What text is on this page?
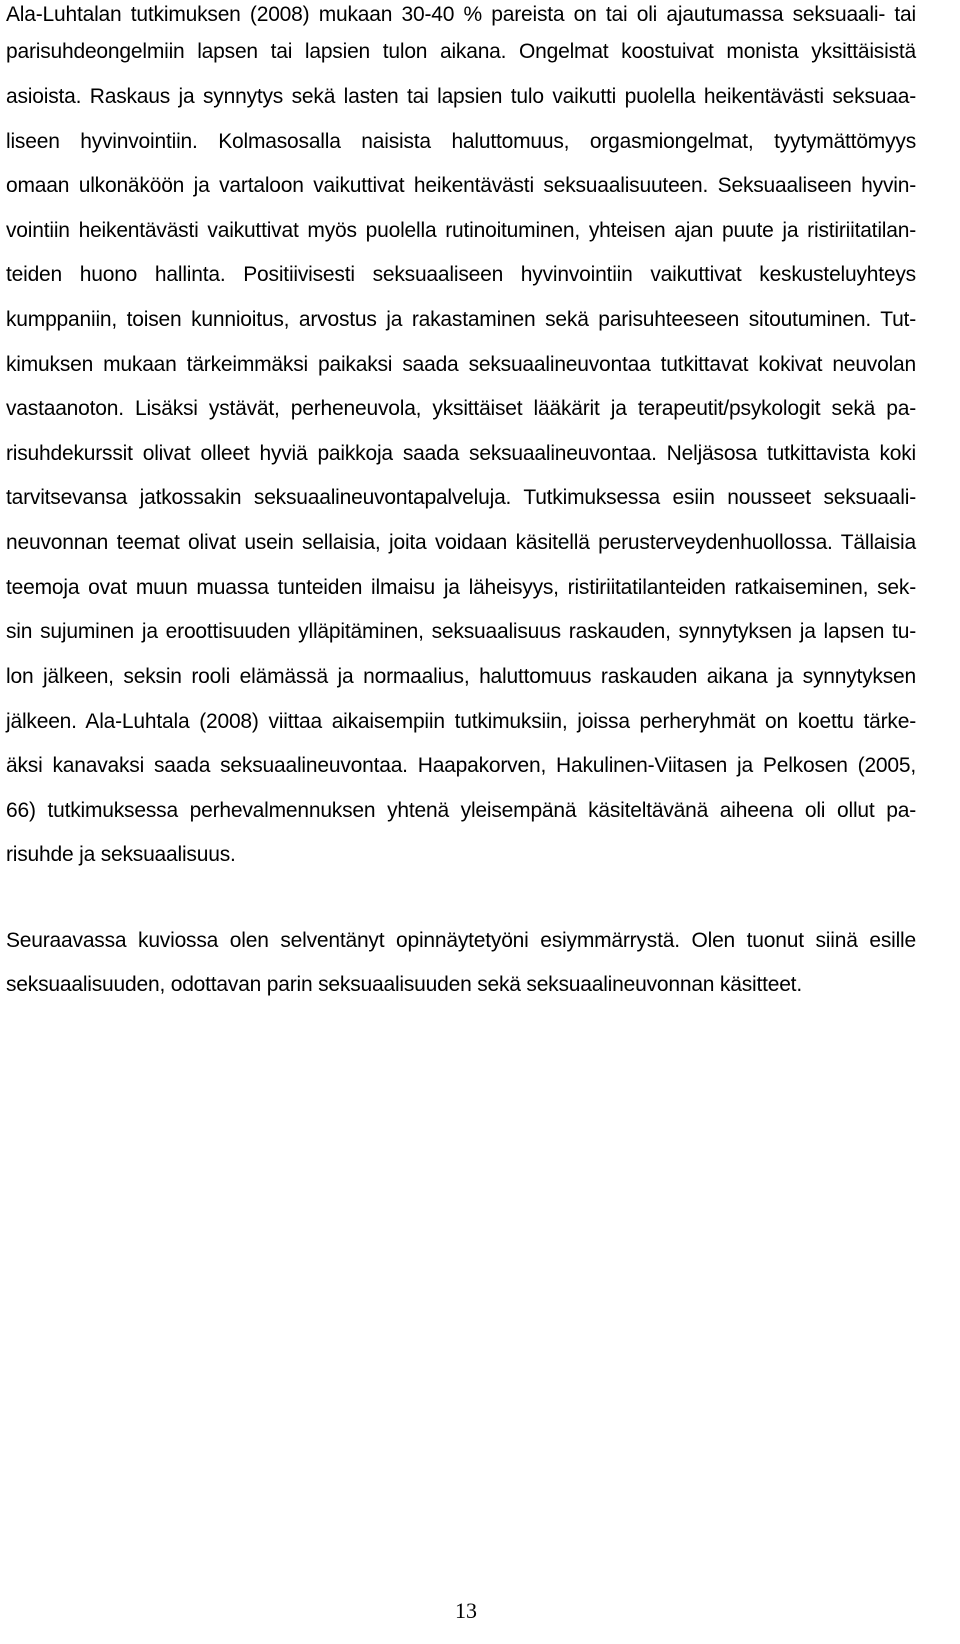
Ala-Luhtalan tutkimuksen (2008) mukaan 30-40 % pareista on tai oli ajautumassa seksuaali- tai
parisuhdeongelmiin lapsen tai lapsien tulon aikana. Ongelmat koostuivat monista yksittäisistä
asioista. Raskaus ja synnytys sekä lasten tai lapsien tulo vaikutti puolella heikentävästi seksuaa-
liseen hyvinvointiin. Kolmasosalla naisista haluttomuus, orgasmiongelmat, tyytymättömyys
omaan ulkonäköön ja vartaloon vaikuttivat heikentävästi seksuaalisuuteen. Seksuaaliseen hyvin-
vointiin heikentävästi vaikuttivat myös puolella rutinoituminen, yhteisen ajan puute ja ristiriitatilan-
teiden huono hallinta. Positiivisesti seksuaaliseen hyvinvointiin vaikuttivat keskusteluyhteys
kumppaniin, toisen kunnioitus, arvostus ja rakastaminen sekä parisuhteeseen sitoutuminen. Tut-
kimuksen mukaan tärkeimmäksi paikaksi saada seksuaalineuvontaa tutkittavat kokivat neuvolan
vastaanoton. Lisäksi ystävät, perheneuvola, yksittäiset lääkärit ja terapeutit/psykologit sekä pa-
risuhdekurssit olivat olleet hyviä paikkoja saada seksuaalineuvontaa. Neljäsosa tutkittavista koki
tarvitsevansa jatkossakin seksuaalineuvontapalveluja. Tutkimuksessa esiin nousseet seksuaali-
neuvonnan teemat olivat usein sellaisia, joita voidaan käsitellä perusterveydenhuollossa. Tällaisia
teemoja ovat muun muassa tunteiden ilmaisu ja läheisyys, ristiriitatilanteiden ratkaiseminen, sek-
sin sujuminen ja eroottisuuden ylläpitäminen, seksuaalisuus raskauden, synnytyksen ja lapsen tu-
lon jälkeen, seksin rooli elämässä ja normaalius, haluttomuus raskauden aikana ja synnytyksen
jälkeen. Ala-Luhtala (2008) viittaa aikaisempiin tutkimuksiin, joissa perheryhmät on koettu tärke-
äksi kanavaksi saada seksuaalineuvontaa. Haapakorven, Hakulinen-Viitasen ja Pelkosen (2005,
66) tutkimuksessa perhevalmennuksen yhtenä yleisempänä käsiteltävänä aiheena oli ollut pa-
risuhde ja seksuaalisuus.
Seuraavassa kuviossa olen selventänyt opinnäytetyöni esiymmärrystä. Olen tuonut siinä esille
seksuaalisuuden, odottavan parin seksuaalisuuden sekä seksuaalineuvonnan käsitteet.
13
